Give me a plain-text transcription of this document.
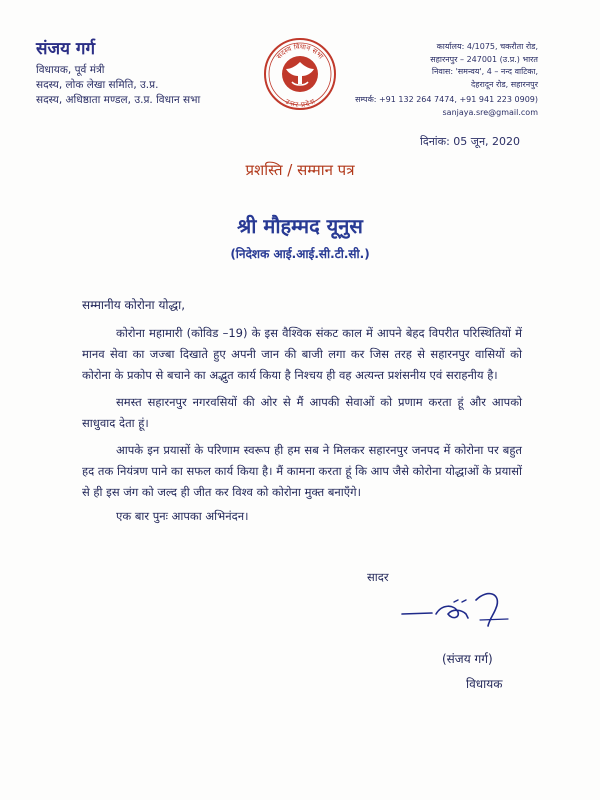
संजय गर्ग
विधायक, पूर्व मंत्री
सदस्य, लोक लेखा समिति, उ.प्र.
सदस्य, अधिष्ठाता मण्डल, उ.प्र. विधान सभा
सदस्य विधान सभा
उत्तर प्रदेश
कार्यालय: 4/1075, चकरौता रोड,
सहारनपुर – 247001 (उ.प्र.) भारत
निवास: 'समन्वय', 4 – नन्द वाटिका,
देहरादून रोड, सहारनपुर
सम्पर्क: +91 132 264 7474, +91 941 223 0909)
sanjaya.sre@gmail.com
दिनांक: 05 जून, 2020
प्रशस्ति / सम्मान पत्र
श्री मौहम्मद यूनुस
(निदेशक आई.आई.सी.टी.सी.)
सम्मानीय कोरोना योद्धा,

कोरोना महामारी (कोविड –19) के इस वैश्विक संकट काल में आपने बेहद विपरीत परिस्थितियों में मानव सेवा का जज्बा दिखाते हुए अपनी जान की बाजी लगा कर जिस तरह से सहारनपुर वासियों को कोरोना के प्रकोप से बचाने का अद्भुत कार्य किया है निश्चय ही वह अत्यन्त प्रशंसनीय एवं सराहनीय है।

समस्त सहारनपुर नगरवसियों की ओर से मैं आपकी सेवाओं को प्रणाम करता हूं और आपको साधुवाद देता हूं।

आपके इन प्रयासों के परिणाम स्वरूप ही हम सब ने मिलकर सहारनपुर जनपद में कोरोना पर बहुत हद तक नियंत्रण पाने का सफल कार्य किया है। मैं कामना करता हूं कि आप जैसे कोरोना योद्धाओं के प्रयासों से ही इस जंग को जल्द ही जीत कर विश्व को कोरोना मुक्त बनाएँगे।

एक बार पुनः आपका अभिनंदन।
सादर
(संजय गर्ग)
विधायक
